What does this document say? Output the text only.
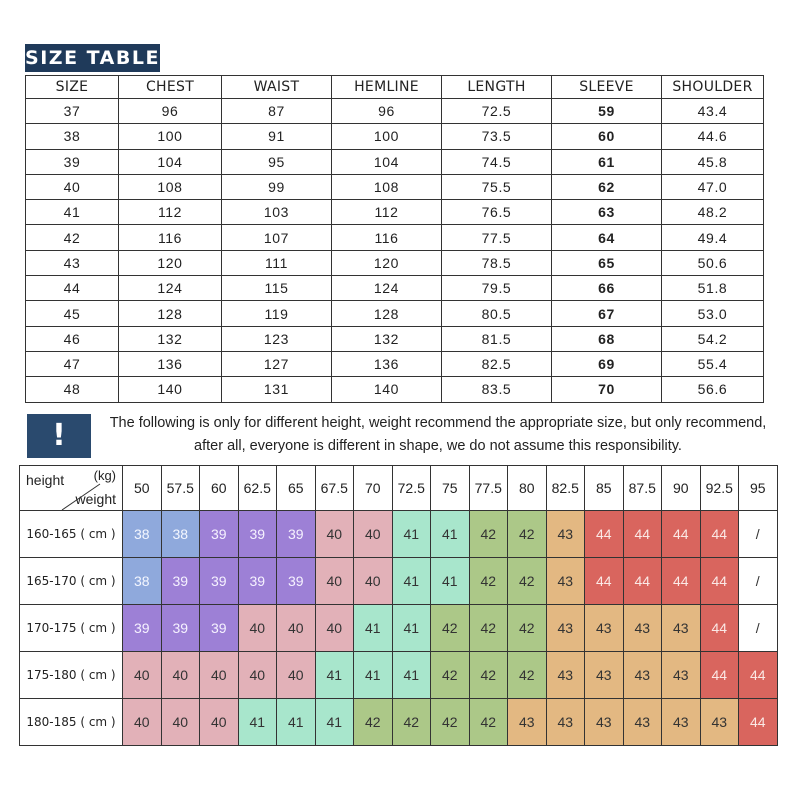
SIZE TABLE
SIZE	CHEST	WAIST	HEMLINE	LENGTH	SLEEVE	SHOULDER
37	96	87	96	72.5	59	43.4
38	100	91	100	73.5	60	44.6
39	104	95	104	74.5	61	45.8
40	108	99	108	75.5	62	47.0
41	112	103	112	76.5	63	48.2
42	116	107	116	77.5	64	49.4
43	120	111	120	78.5	65	50.6
44	124	115	124	79.5	66	51.8
45	128	119	128	80.5	67	53.0
46	132	123	132	81.5	68	54.2
47	136	127	136	82.5	69	55.4
48	140	131	140	83.5	70	56.6
!	The following is only for different height, weight recommend the appropriate size, but only recommend, after all, everyone is different in shape, we do not assume this responsibility.
height (kg)
weight	50	57.5	60	62.5	65	67.5	70	72.5	75	77.5	80	82.5	85	87.5	90	92.5	95
160-165 ( cm )	38	38	39	39	39	40	40	41	41	42	42	43	44	44	44	44	/
165-170 ( cm )	38	39	39	39	39	40	40	41	41	42	42	43	44	44	44	44	/
170-175 ( cm )	39	39	39	40	40	40	41	41	42	42	42	43	43	43	43	44	/
175-180 ( cm )	40	40	40	40	40	41	41	41	42	42	42	43	43	43	43	44	44
180-185 ( cm )	40	40	40	41	41	41	42	42	42	42	43	43	43	43	43	43	44
